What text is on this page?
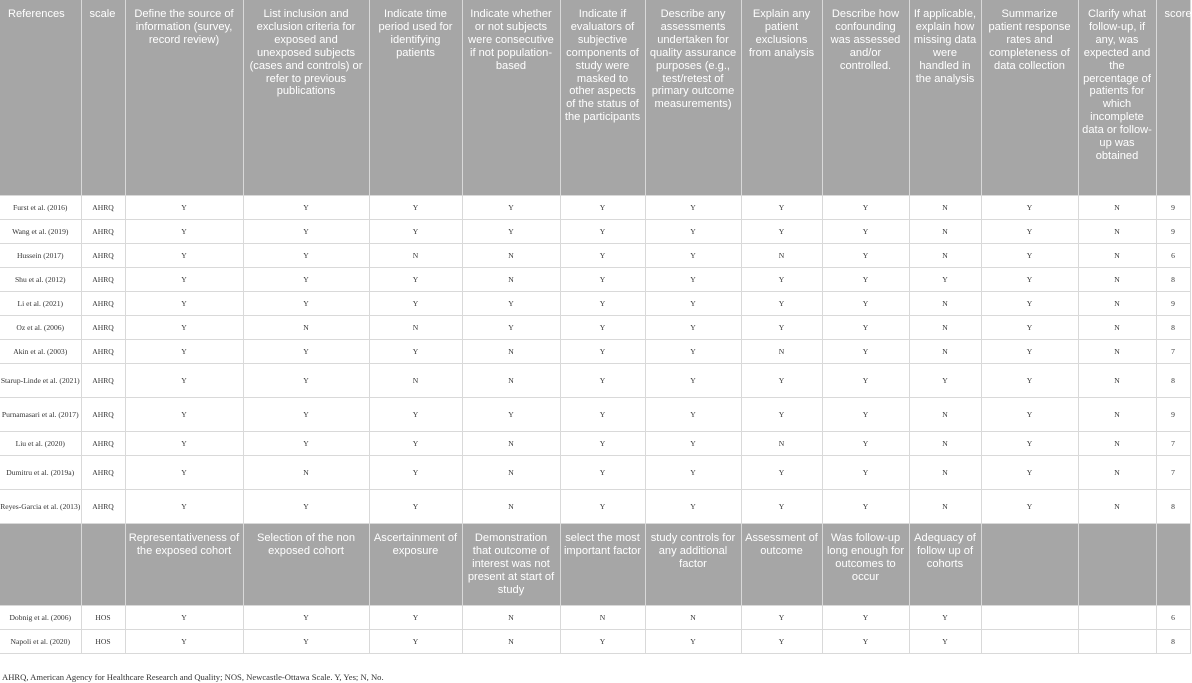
References	scale	Define the source of information (survey, record review)	List inclusion and exclusion criteria for exposed and unexposed subjects (cases and controls) or refer to previous publications	Indicate time period used for identifying patients	Indicate whether or not subjects were consecutive if not population-based	Indicate if evaluators of subjective components of study were masked to other aspects of the status of the participants	Describe any assessments undertaken for quality assurance purposes (e.g., test/retest of primary outcome measurements)	Explain any patient exclusions from analysis	Describe how confounding was assessed and/or controlled.	If applicable, explain how missing data were handled in the analysis	Summarize patient response rates and completeness of data collection	Clarify what follow-up, if any, was expected and the percentage of patients for which incomplete data or follow-up was obtained	score
Furst et al. (2016)	AHRQ	Y	Y	Y	Y	Y	Y	Y	Y	N	Y	N	9
Wang et al. (2019)	AHRQ	Y	Y	Y	Y	Y	Y	Y	Y	N	Y	N	9
Hussein (2017)	AHRQ	Y	Y	N	N	Y	Y	N	Y	N	Y	N	6
Shu et al. (2012)	AHRQ	Y	Y	Y	N	Y	Y	Y	Y	Y	Y	N	8
Li et al. (2021)	AHRQ	Y	Y	Y	Y	Y	Y	Y	Y	N	Y	N	9
Oz et al. (2006)	AHRQ	Y	N	N	Y	Y	Y	Y	Y	N	Y	N	8
Akin et al. (2003)	AHRQ	Y	Y	Y	N	Y	Y	N	Y	N	Y	N	7
Starup-Linde et al. (2021)	AHRQ	Y	Y	N	N	Y	Y	Y	Y	Y	Y	N	8
Purnamasari et al. (2017)	AHRQ	Y	Y	Y	Y	Y	Y	Y	Y	N	Y	N	9
Liu et al. (2020)	AHRQ	Y	Y	Y	N	Y	Y	N	Y	N	Y	N	7
Dumitru et al. (2019a)	AHRQ	Y	N	Y	N	Y	Y	Y	Y	N	Y	N	7
Reyes-Garcia et al. (2013)	AHRQ	Y	Y	Y	N	Y	Y	Y	Y	N	Y	N	8
		Representativeness of the exposed cohort	Selection of the non exposed cohort	Ascertainment of exposure	Demonstration that outcome of interest was not present at start of study	select the most important factor	study controls for any additional factor	Assessment of outcome	Was follow-up long enough for outcomes to occur	Adequacy of follow up of cohorts			
Dobnig et al. (2006)	HOS	Y	Y	Y	N	N	N	Y	Y	Y			6
Napoli et al. (2020)	HOS	Y	Y	Y	N	Y	Y	Y	Y	Y			8
AHRQ, American Agency for Healthcare Research and Quality; NOS, Newcastle-Ottawa Scale. Y, Yes; N, No.
